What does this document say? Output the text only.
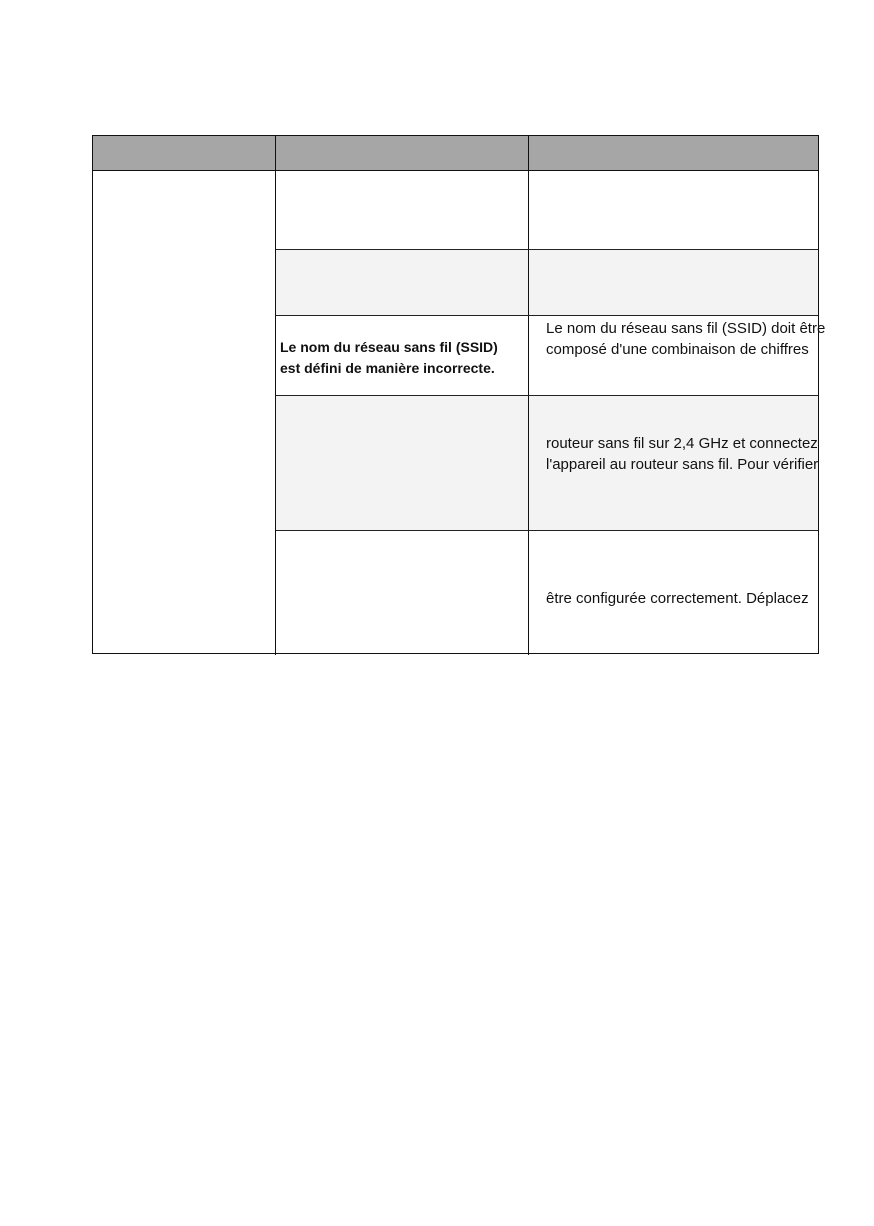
Le nom du réseau sans fil (SSID)
est défini de manière incorrecte.
Le nom du réseau sans fil (SSID) doit être
composé d'une combinaison de chiffres
routeur sans fil sur 2,4 GHz et connectez
l'appareil au routeur sans fil. Pour vérifier
être configurée correctement. Déplacez
